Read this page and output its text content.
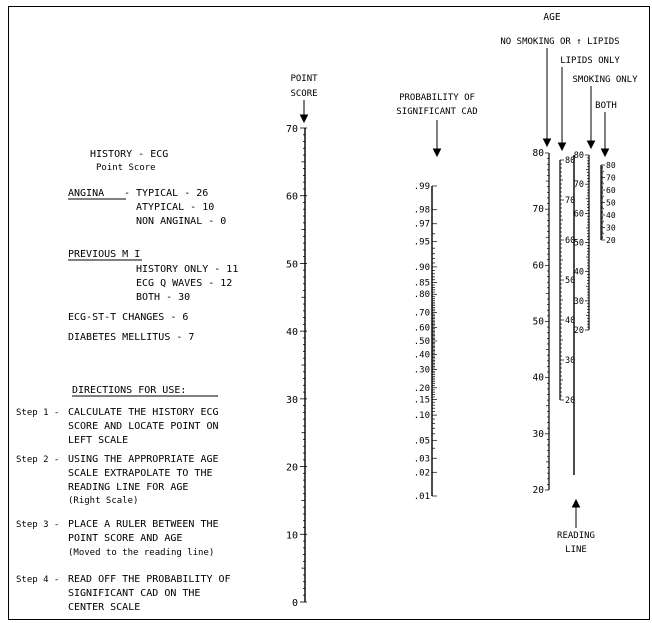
AGE
NO SMOKING OR ↑ LIPIDS
LIPIDS ONLY
SMOKING ONLY
BOTH
POINT
SCORE	PROBABILITY OF
SIGNIFICANT CAD
READING
LINE
HISTORY - ECG
Point Score
ANGINA - TYPICAL - 26
ATYPICAL - 10
NON ANGINAL - 0
PREVIOUS M I
HISTORY ONLY - 11
ECG Q WAVES - 12
BOTH - 30
ECG-ST-T CHANGES - 6
DIABETES MELLITUS - 7
DIRECTIONS FOR USE:
Step 1 - CALCULATE THE HISTORY ECG
SCORE AND LOCATE POINT ON
LEFT SCALE
Step 2 - USING THE APPROPRIATE AGE
SCALE EXTRAPOLATE TO THE
READING LINE FOR AGE
(Right Scale)
Step 3 - PLACE A RULER BETWEEN THE
POINT SCORE AND AGE
(Moved to the reading line)
Step 4 - READ OFF THE PROBABILITY OF
SIGNIFICANT CAD ON THE
CENTER SCALE	0
10
20
30
40
50
60
70
.99
.98
.97
.95
.90
.85
.80
.70
.60
.50
.40
.30
.20
.15
.10
.05
.03
.02
.01
20
30
40
50
60
70
80
20
30
40
50
60
70
80
20
30
40
50
60
70
80
20
30
40
50
60
70
80
